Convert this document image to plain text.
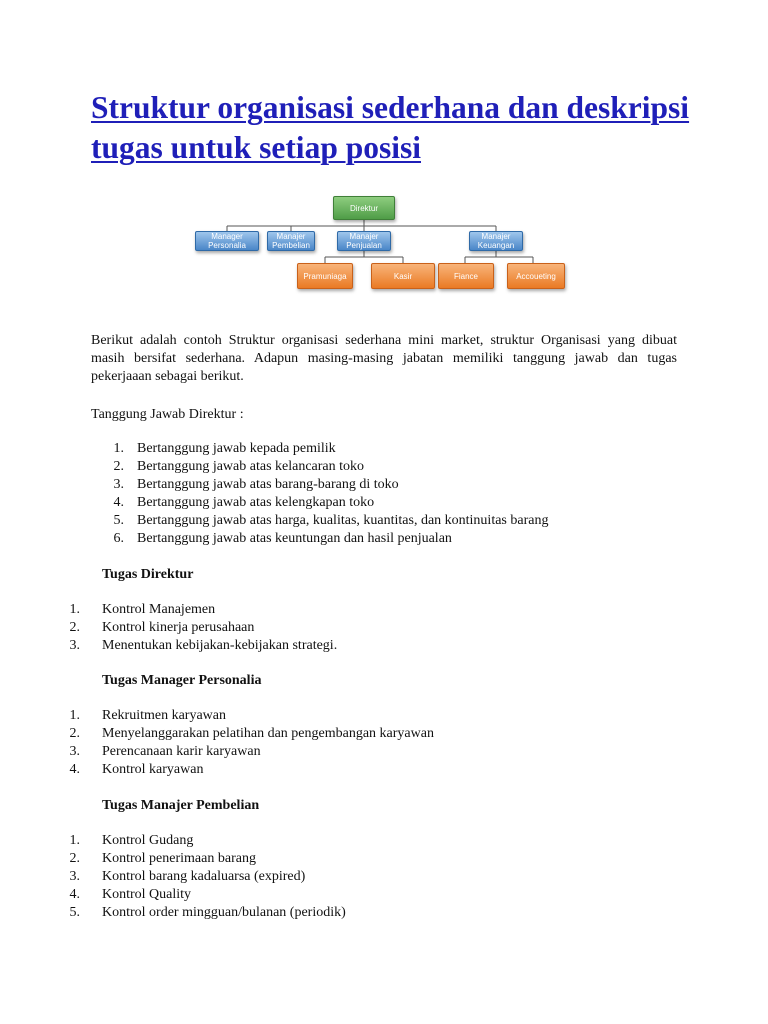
Struktur organisasi sederhana dan deskripsi tugas untuk setiap posisi
Direktur
Manager Personalia
Manajer Pembelian
Manajer Penjualan
Manajer Keuangan
Pramuniaga	Kasir	Fiance	Accoueting

Berikut adalah contoh Struktur organisasi sederhana mini market, struktur Organisasi yang dibuat
masih bersifat sederhana. Adapun masing-masing jabatan memiliki tanggung jawab dan tugas
pekerjaaan sebagai berikut.

Tanggung Jawab Direktur :

1. Bertanggung jawab kepada pemilik
2. Bertanggung jawab atas kelancaran toko
3. Bertanggung jawab atas barang-barang di toko
4. Bertanggung jawab atas kelengkapan toko
5. Bertanggung jawab atas harga, kualitas, kuantitas, dan kontinuitas barang
6. Bertanggung jawab atas keuntungan dan hasil penjualan

Tugas Direktur

1. Kontrol Manajemen
2. Kontrol kinerja perusahaan
3. Menentukan kebijakan-kebijakan strategi.

Tugas Manager Personalia

1. Rekruitmen karyawan
2. Menyelanggarakan pelatihan dan pengembangan karyawan
3. Perencanaan karir karyawan
4. Kontrol karyawan

Tugas Manajer Pembelian

1. Kontrol Gudang
2. Kontrol penerimaan barang
3. Kontrol barang kadaluarsa (expired)
4. Kontrol Quality
5. Kontrol order mingguan/bulanan (periodik)
